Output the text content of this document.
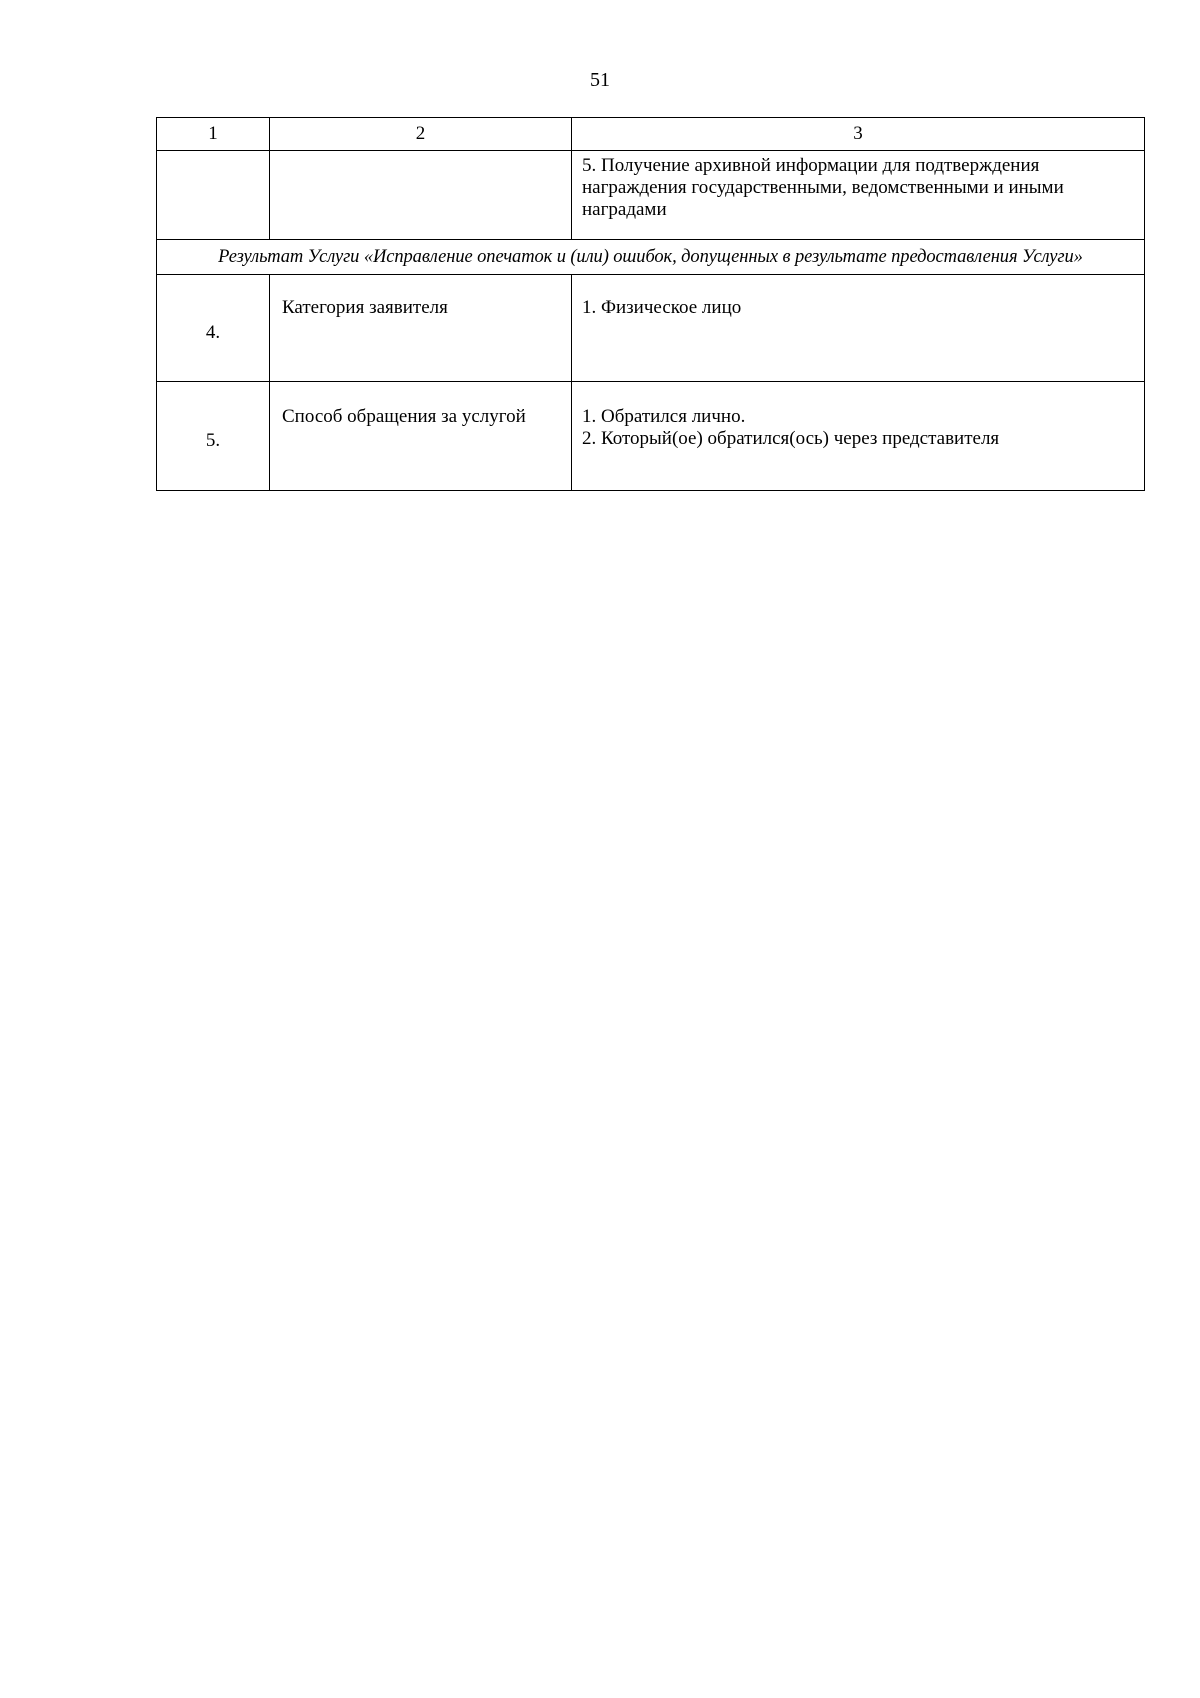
51
1	2	3

		5. Получение архивной информации для подтверждения
награждения государственными, ведомственными и иными
наградами

Результат Услуги «Исправление опечаток и (или) ошибок, допущенных в результате предоставления Услуги»		
4.	Категория заявителя	1. Физическое лицо

5.	Способ обращения за услугой	1. Обратился лично.
2. Который(ое) обратился(ось) через представителя
